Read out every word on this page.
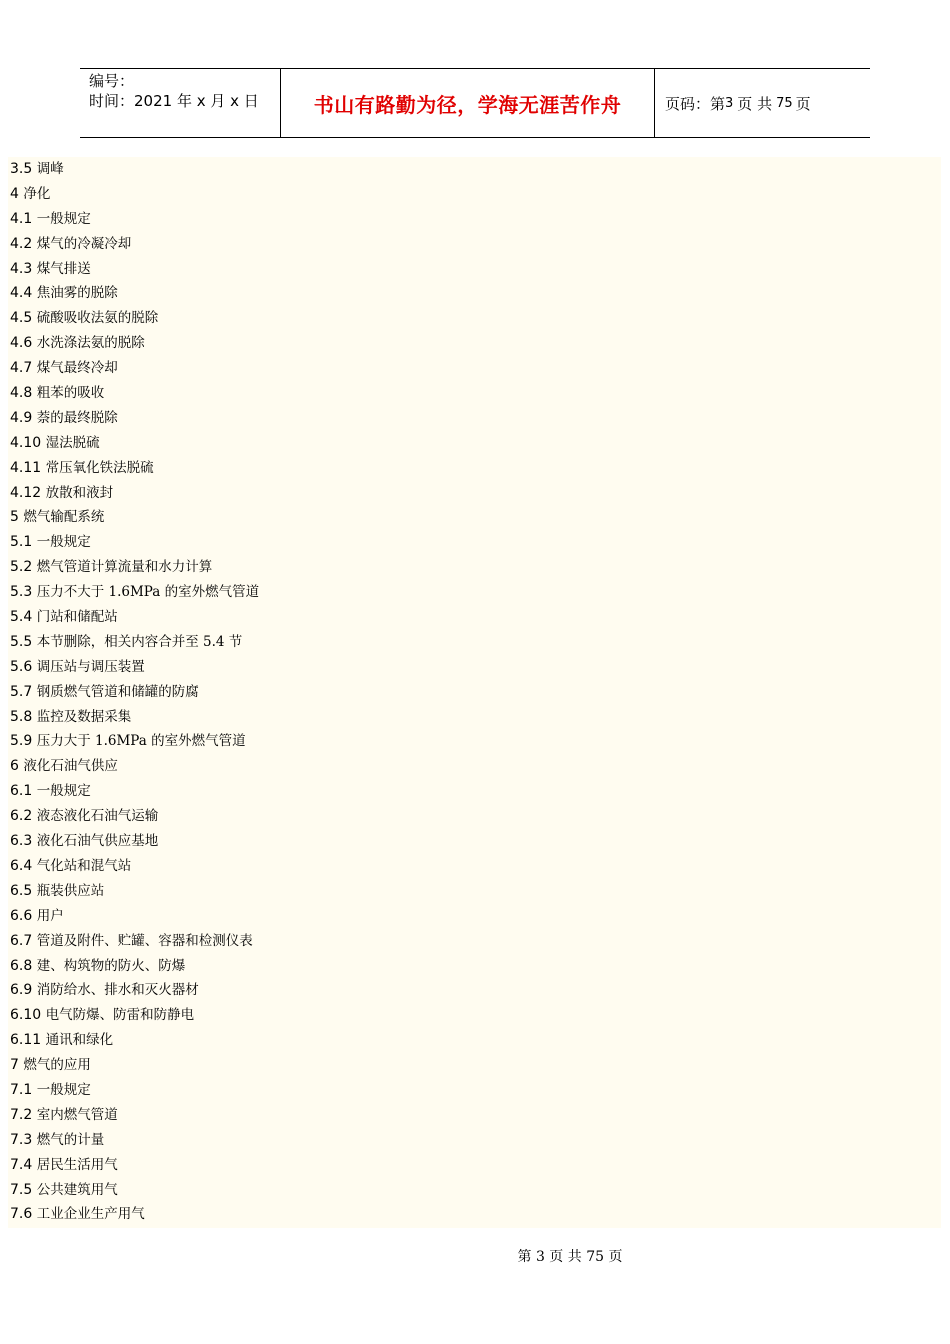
编号：
时间：2021 年 x 月 x 日	书山有路勤为径，学海无涯苦作舟	页码：第 3 页 共 75 页
3.5 调峰
4 净化
4.1 一般规定
4.2 煤气的冷凝冷却
4.3 煤气排送
4.4 焦油雾的脱除
4.5 硫酸吸收法氨的脱除
4.6 水洗涤法氨的脱除
4.7 煤气最终冷却
4.8 粗苯的吸收
4.9 萘的最终脱除
4.10 湿法脱硫
4.11 常压氧化铁法脱硫
4.12 放散和液封
5 燃气输配系统
5.1 一般规定
5.2 燃气管道计算流量和水力计算
5.3 压力不大于 1.6MPa 的室外燃气管道
5.4 门站和储配站
5.5 本节删除，相关内容合并至 5.4 节
5.6 调压站与调压装置
5.7 钢质燃气管道和储罐的防腐
5.8 监控及数据采集
5.9 压力大于 1.6MPa 的室外燃气管道
6 液化石油气供应
6.1 一般规定
6.2 液态液化石油气运输
6.3 液化石油气供应基地
6.4 气化站和混气站
6.5 瓶装供应站
6.6 用户
6.7 管道及附件、贮罐、容器和检测仪表
6.8 建、构筑物的防火、防爆
6.9 消防给水、排水和灭火器材
6.10 电气防爆、防雷和防静电
6.11 通讯和绿化
7 燃气的应用
7.1 一般规定
7.2 室内燃气管道
7.3 燃气的计量
7.4 居民生活用气
7.5 公共建筑用气
7.6 工业企业生产用气
第 3 页 共 75 页
